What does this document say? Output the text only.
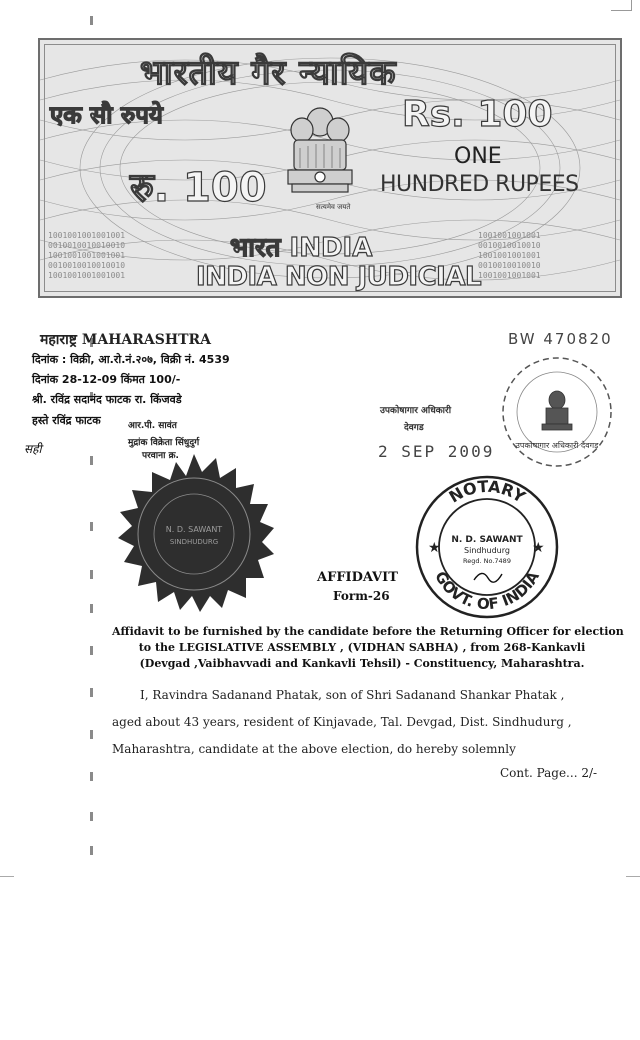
1001001001001001
0010010010010010
1001001001001001
0010010010010010
1001001001001001
1001001001001
0010010010010
1001001001001
0010010010010
1001001001001
भारतीय गैर न्यायिक
एक सौ रुपये	Rs. 100
ONE
HUNDRED RUPEES
रु. 100	सत्यमेव जयते
भारत INDIA
INDIA NON JUDICIAL
महाराष्ट्र MAHARASHTRA	BW 470820
दिनांक : विक्री, आ.रो.नं.२०७, विक्री नं. 4539
दिनांक 28-12-09 किंमत 100/-
श्री. रविंद्र सदानंद फाटक रा. किंजवडे
हस्ते रविंद्र फाटक	आर.पी. सावंत
मुद्रांक विक्रेता सिंधुदुर्ग
परवाना क्र.
सही
उपकोषागार अधिकारी
देवगड
2 SEP 2009	उपकोषागार अधिकारी देवगड
N. D. SAWANT
SINDHUDURG
NOTARY
GOVT. OF INDIA
★	★
N. D. SAWANT
Sindhudurg
Regd. No.7489
AFFIDAVIT
Form-26
Affidavit to be furnished by the candidate before the Returning Officer for election
to the LEGISLATIVE ASSEMBLY , (VIDHAN SABHA) , from 268-Kankavli
(Devgad ,Vaibhavvadi and Kankavli Tehsil) - Constituency, Maharashtra.
I, Ravindra Sadanand Phatak, son of Shri Sadanand Shankar Phatak ,
aged about 43 years, resident of Kinjavade, Tal. Devgad, Dist. Sindhudurg ,
Maharashtra, candidate at the above election, do hereby solemnly
Cont. Page... 2/-
